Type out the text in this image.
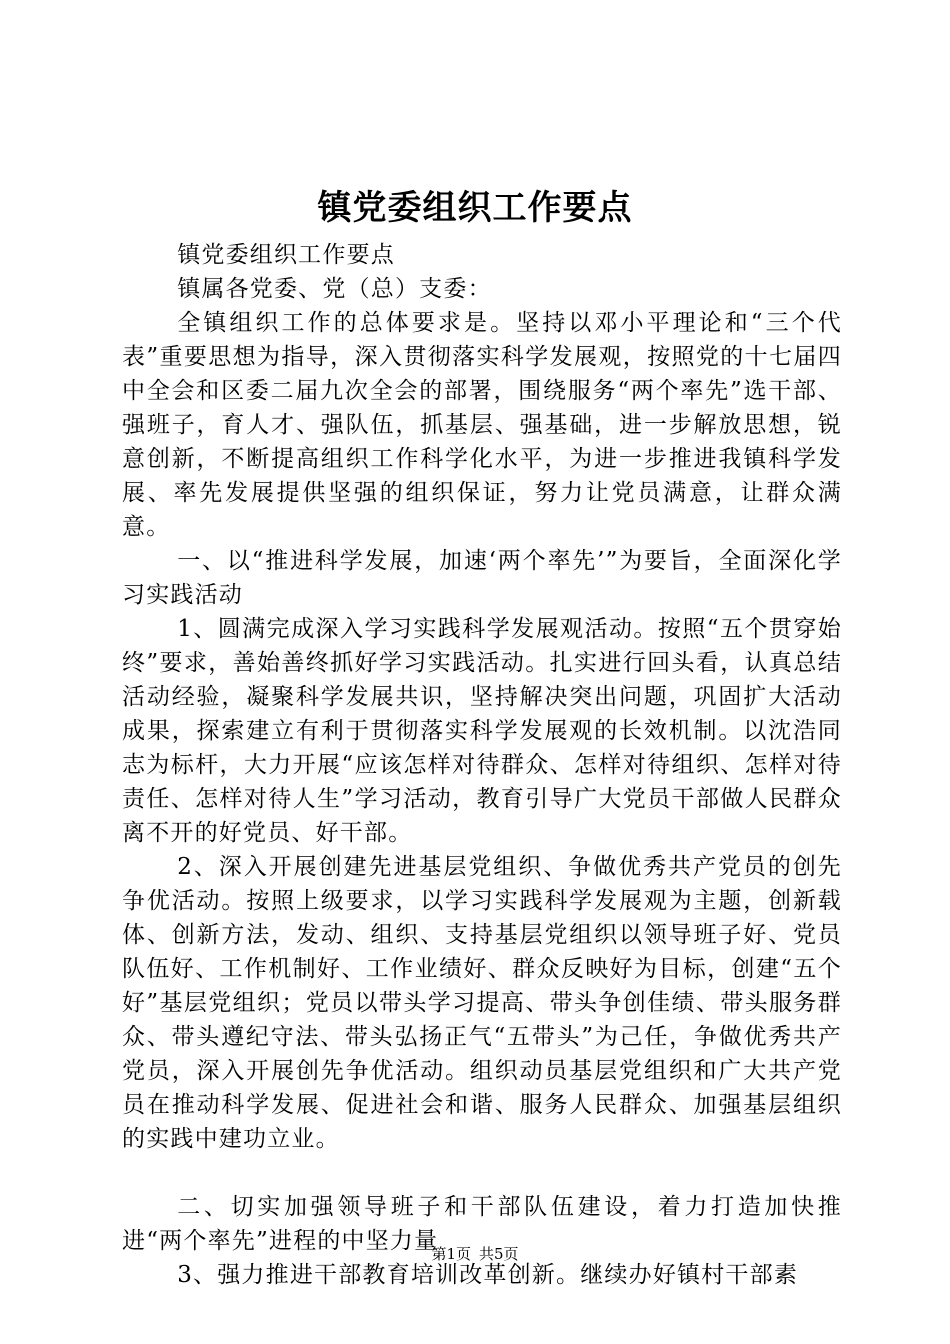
镇党委组织工作要点

镇党委组织工作要点

镇属各党委、党（总）支委：

全镇组织工作的总体要求是。坚持以邓小平理论和“三个代表”重要思想为指导，深入贯彻落实科学发展观，按照党的十七届四中全会和区委二届九次全会的部署，围绕服务“两个率先”选干部、强班子，育人才、强队伍，抓基层、强基础，进一步解放思想，锐意创新，不断提高组织工作科学化水平，为进一步推进我镇科学发展、率先发展提供坚强的组织保证，努力让党员满意，让群众满意。

一、以“推进科学发展，加速‘两个率先’”为要旨，全面深化学习实践活动

1、圆满完成深入学习实践科学发展观活动。按照“五个贯穿始终”要求，善始善终抓好学习实践活动。扎实进行回头看，认真总结活动经验，凝聚科学发展共识，坚持解决突出问题，巩固扩大活动成果，探索建立有利于贯彻落实科学发展观的长效机制。以沈浩同志为标杆，大力开展“应该怎样对待群众、怎样对待组织、怎样对待责任、怎样对待人生”学习活动，教育引导广大党员干部做人民群众离不开的好党员、好干部。

2、深入开展创建先进基层党组织、争做优秀共产党员的创先争优活动。按照上级要求，以学习实践科学发展观为主题，创新载体、创新方法，发动、组织、支持基层党组织以领导班子好、党员队伍好、工作机制好、工作业绩好、群众反映好为目标，创建“五个好”基层党组织；党员以带头学习提高、带头争创佳绩、带头服务群众、带头遵纪守法、带头弘扬正气“五带头”为己任，争做优秀共产党员，深入开展创先争优活动。组织动员基层党组织和广大共产党员在推动科学发展、促进社会和谐、服务人民群众、加强基层组织的实践中建功立业。

二、切实加强领导班子和干部队伍建设，着力打造加快推进“两个率先”进程的中坚力量

3、强力推进干部教育培训改革创新。继续办好镇村干部素

第1页 共5页
